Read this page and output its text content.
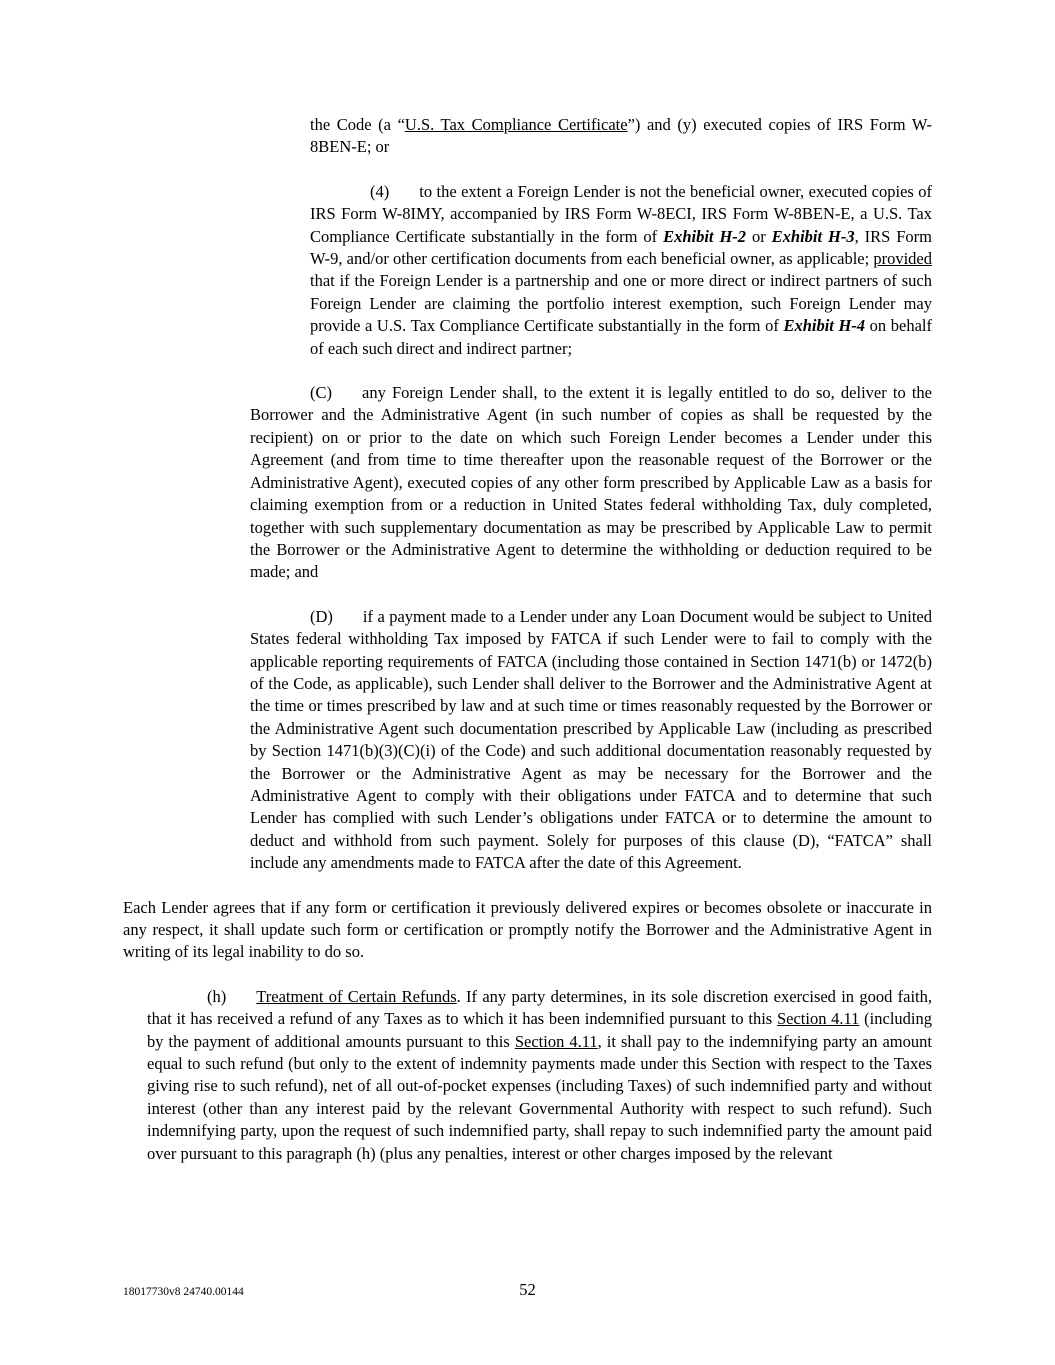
the Code (a “U.S. Tax Compliance Certificate”) and (y) executed copies of IRS Form W-8BEN-E; or

(4) to the extent a Foreign Lender is not the beneficial owner, executed copies of IRS Form W-8IMY, accompanied by IRS Form W-8ECI, IRS Form W-8BEN-E, a U.S. Tax Compliance Certificate substantially in the form of Exhibit H-2 or Exhibit H-3, IRS Form W-9, and/or other certification documents from each beneficial owner, as applicable; provided that if the Foreign Lender is a partnership and one or more direct or indirect partners of such Foreign Lender are claiming the portfolio interest exemption, such Foreign Lender may provide a U.S. Tax Compliance Certificate substantially in the form of Exhibit H-4 on behalf of each such direct and indirect partner;

(C) any Foreign Lender shall, to the extent it is legally entitled to do so, deliver to the Borrower and the Administrative Agent (in such number of copies as shall be requested by the recipient) on or prior to the date on which such Foreign Lender becomes a Lender under this Agreement (and from time to time thereafter upon the reasonable request of the Borrower or the Administrative Agent), executed copies of any other form prescribed by Applicable Law as a basis for claiming exemption from or a reduction in United States federal withholding Tax, duly completed, together with such supplementary documentation as may be prescribed by Applicable Law to permit the Borrower or the Administrative Agent to determine the withholding or deduction required to be made; and

(D) if a payment made to a Lender under any Loan Document would be subject to United States federal withholding Tax imposed by FATCA if such Lender were to fail to comply with the applicable reporting requirements of FATCA (including those contained in Section 1471(b) or 1472(b) of the Code, as applicable), such Lender shall deliver to the Borrower and the Administrative Agent at the time or times prescribed by law and at such time or times reasonably requested by the Borrower or the Administrative Agent such documentation prescribed by Applicable Law (including as prescribed by Section 1471(b)(3)(C)(i) of the Code) and such additional documentation reasonably requested by the Borrower or the Administrative Agent as may be necessary for the Borrower and the Administrative Agent to comply with their obligations under FATCA and to determine that such Lender has complied with such Lender’s obligations under FATCA or to determine the amount to deduct and withhold from such payment. Solely for purposes of this clause (D), “FATCA” shall include any amendments made to FATCA after the date of this Agreement.

Each Lender agrees that if any form or certification it previously delivered expires or becomes obsolete or inaccurate in any respect, it shall update such form or certification or promptly notify the Borrower and the Administrative Agent in writing of its legal inability to do so.

(h) Treatment of Certain Refunds. If any party determines, in its sole discretion exercised in good faith, that it has received a refund of any Taxes as to which it has been indemnified pursuant to this Section 4.11 (including by the payment of additional amounts pursuant to this Section 4.11, it shall pay to the indemnifying party an amount equal to such refund (but only to the extent of indemnity payments made under this Section with respect to the Taxes giving rise to such refund), net of all out-of-pocket expenses (including Taxes) of such indemnified party and without interest (other than any interest paid by the relevant Governmental Authority with respect to such refund). Such indemnifying party, upon the request of such indemnified party, shall repay to such indemnified party the amount paid over pursuant to this paragraph (h) (plus any penalties, interest or other charges imposed by the relevant

18017730v8 24740.00144	52
